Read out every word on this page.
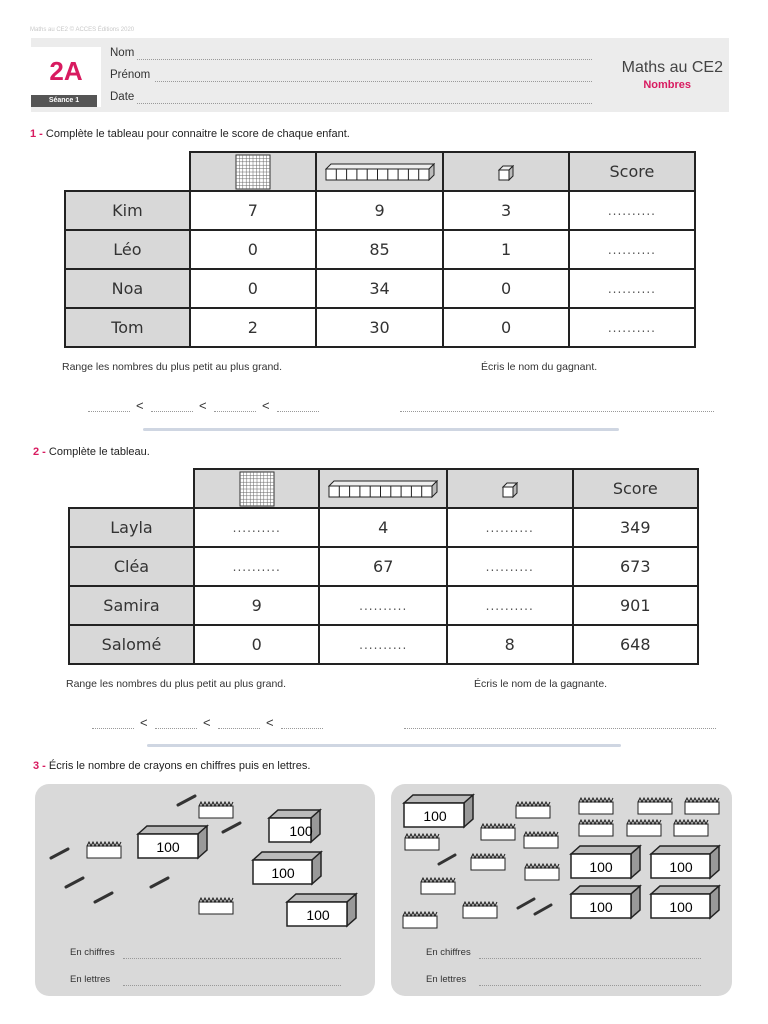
Maths au CE2 © ACCES Éditions 2020
2A
Séance 1
Nom
Prénom
Date
Maths au CE2
Nombres
1 - Complète le tableau pour connaitre le score de chaque enfant.
				Score
Kim	7	9	3	..........
Léo	0	85	1	..........
Noa	0	34	0	..........
Tom	2	30	0	..........
Range les nombres du plus petit au plus grand.	Écris le nom du gagnant.
<	<	<
2 - Complète le tableau.
				Score
Layla	..........	4	..........	349
Cléa	..........	67	..........	673
Samira	9	..........	..........	901
Salomé	0	..........	8	648
Range les nombres du plus petit au plus grand.	Écris le nom de la gagnante.
<	<	<
3 - Écris le nombre de crayons en chiffres puis en lettres.
100
100
100
100
En chiffres
En lettres
100
100	100
100	100
En chiffres
En lettres
